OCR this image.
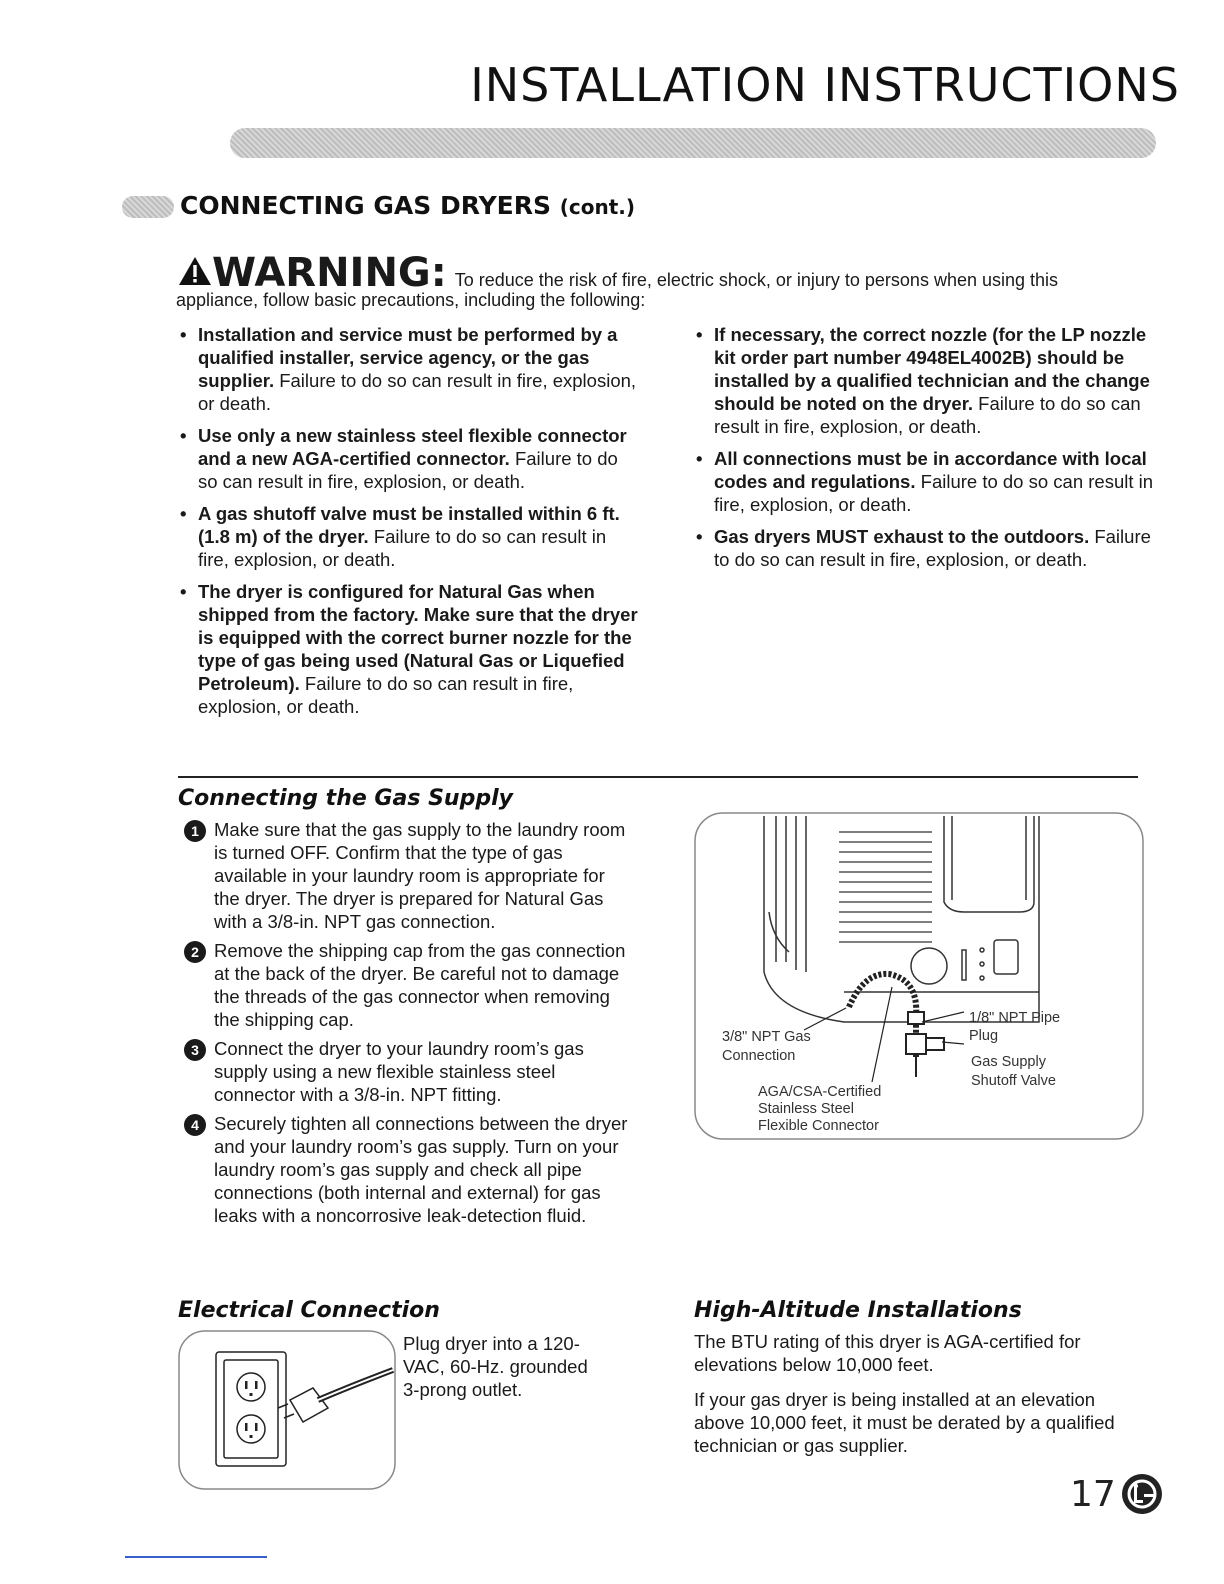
INSTALLATION INSTRUCTIONS
CONNECTING GAS DRYERS (cont.)
WARNING: To reduce the risk of fire, electric shock, or injury to persons when using this
appliance, follow basic precautions, including the following:
• Installation and service must be performed by a qualified installer, service agency, or the gas supplier. Failure to do so can result in fire, explosion, or death.
• Use only a new stainless steel flexible connector and a new AGA-certified connector. Failure to do so can result in fire, explosion, or death.
• A gas shutoff valve must be installed within 6 ft. (1.8 m) of the dryer. Failure to do so can result in fire, explosion, or death.
• The dryer is configured for Natural Gas when shipped from the factory. Make sure that the dryer is equipped with the correct burner nozzle for the type of gas being used (Natural Gas or Liquefied Petroleum). Failure to do so can result in fire, explosion, or death.
• If necessary, the correct nozzle (for the LP nozzle kit order part number 4948EL4002B) should be installed by a qualified technician and the change should be noted on the dryer. Failure to do so can result in fire, explosion, or death.
• All connections must be in accordance with local codes and regulations. Failure to do so can result in fire, explosion, or death.
• Gas dryers MUST exhaust to the outdoors. Failure to do so can result in fire, explosion, or death.
Connecting the Gas Supply
1 Make sure that the gas supply to the laundry room is turned OFF. Confirm that the type of gas available in your laundry room is appropriate for the dryer. The dryer is prepared for Natural Gas with a 3/8-in. NPT gas connection.
2 Remove the shipping cap from the gas connection at the back of the dryer. Be careful not to damage the threads of the gas connector when removing the shipping cap.
3 Connect the dryer to your laundry room’s gas supply using a new flexible stainless steel connector with a 3/8-in. NPT fitting.
4 Securely tighten all connections between the dryer and your laundry room’s gas supply. Turn on your laundry room’s gas supply and check all pipe connections (both internal and external) for gas leaks with a noncorrosive leak-detection fluid.
1/8" NPT Pipe
Plug
3/8" NPT Gas
Connection	Gas Supply
Shutoff Valve
AGA/CSA-Certified
Stainless Steel
Flexible Connector
Electrical Connection
Plug dryer into a 120-VAC, 60-Hz. grounded 3-prong outlet.
High-Altitude Installations
The BTU rating of this dryer is AGA-certified for elevations below 10,000 feet.
If your gas dryer is being installed at an elevation above 10,000 feet, it must be derated by a qualified technician or gas supplier.
17
